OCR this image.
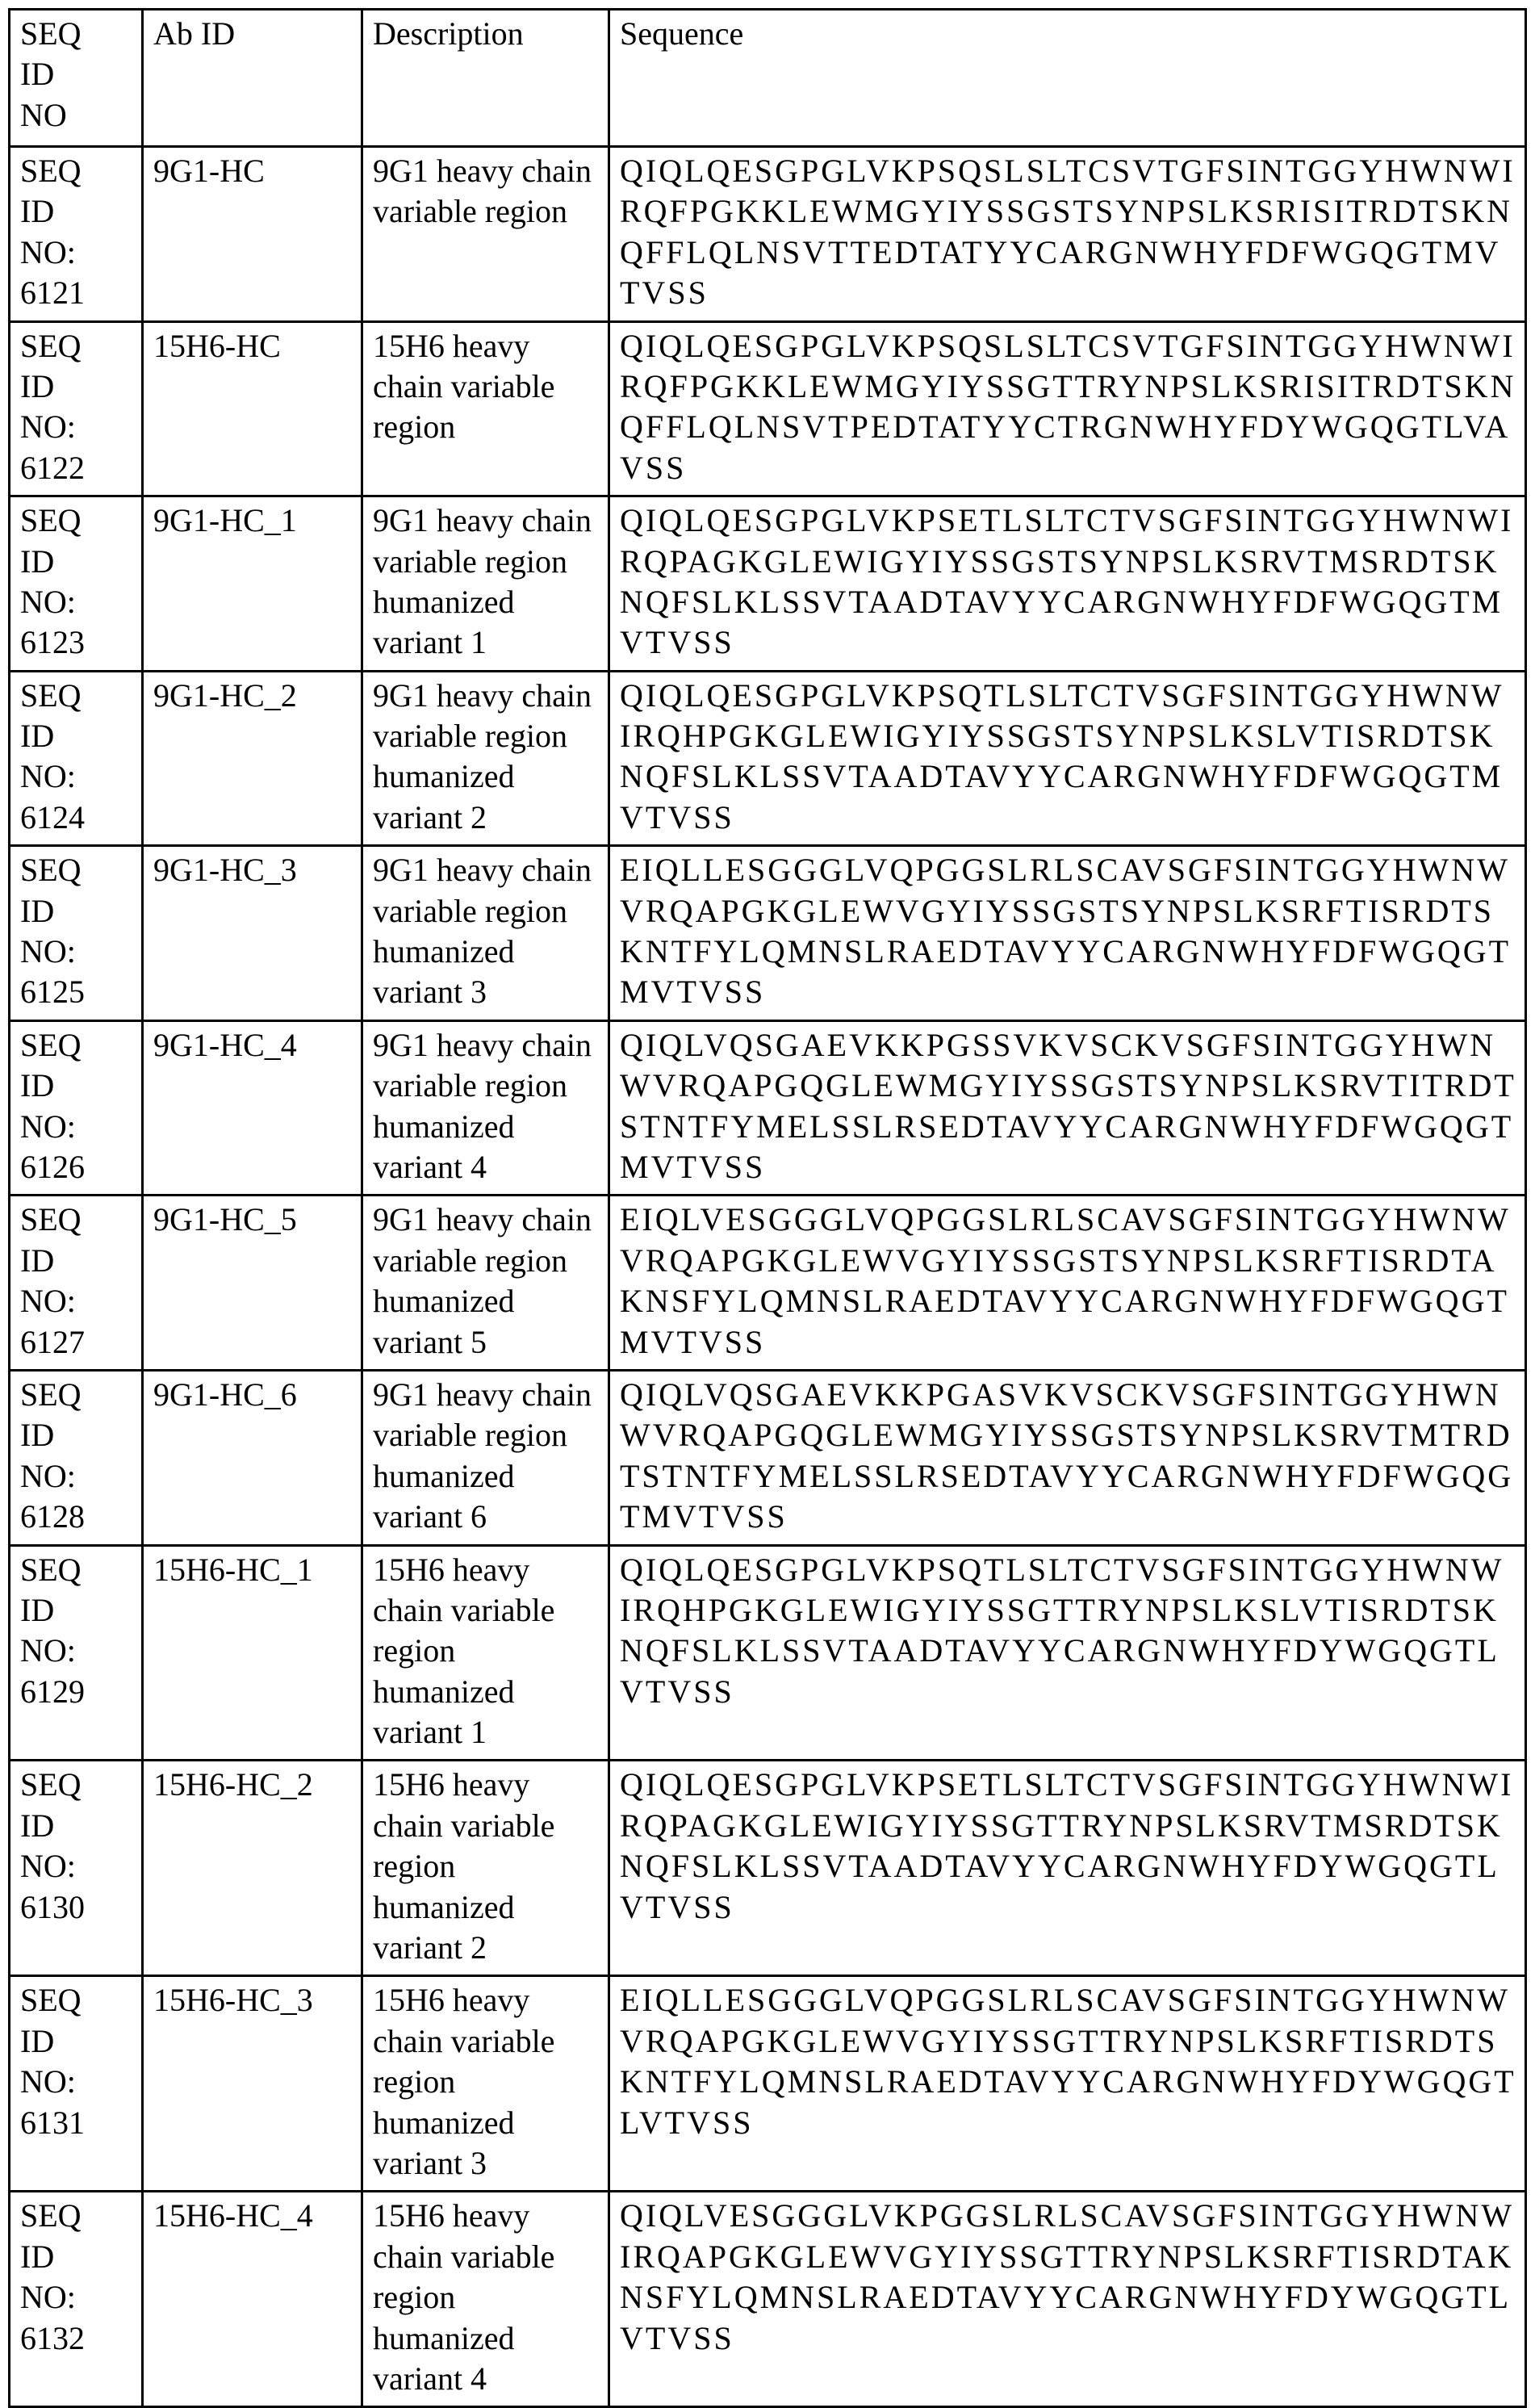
SEQ
ID
NO	Ab ID	Description	Sequence
SEQ
ID
NO:
6121	9G1-HC	9G1 heavy chain variable region	QIQLQESGPGLVKPSQSLSLTCSVTGFSINTGGYHWNWIRQFPGKKLEWMGYIYSSGSTSYNPSLKSRISITRDTSKNQFFLQLNSVTTEDTATYYCARGNWHYFDFWGQGTMVTVSS
SEQ
ID
NO:
6122	15H6-HC	15H6 heavy chain variable region	QIQLQESGPGLVKPSQSLSLTCSVTGFSINTGGYHWNWIRQFPGKKLEWMGYIYSSGTTRYNPSLKSRISITRDTSKNQFFLQLNSVTPEDTATYYCTRGNWHYFDYWGQGTLVAVSS
SEQ
ID
NO:
6123	9G1-HC_1	9G1 heavy chain variable region humanized variant 1	QIQLQESGPGLVKPSETLSLTCTVSGFSINTGGYHWNWIRQPAGKGLEWIGYIYSSGSTSYNPSLKSRVTMSRDTSKNQFSLKLSSVTAADTAVYYCARGNWHYFDFWGQGTMVTVSS
SEQ
ID
NO:
6124	9G1-HC_2	9G1 heavy chain variable region humanized variant 2	QIQLQESGPGLVKPSQTLSLTCTVSGFSINTGGYHWNWIRQHPGKGLEWIGYIYSSGSTSYNPSLKSLVTISRDTSKNQFSLKLSSVTAADTAVYYCARGNWHYFDFWGQGTMVTVSS
SEQ
ID
NO:
6125	9G1-HC_3	9G1 heavy chain variable region humanized variant 3	EIQLLESGGGLVQPGGSLRLSCAVSGFSINTGGYHWNWVRQAPGKGLEWVGYIYSSGSTSYNPSLKSRFTISRDTSKNTFYLQMNSLRAEDTAVYYCARGNWHYFDFWGQGTMVTVSS
SEQ
ID
NO:
6126	9G1-HC_4	9G1 heavy chain variable region humanized variant 4	QIQLVQSGAEVKKPGSSVKVSCKVSGFSINTGGYHWNWVRQAPGQGLEWMGYIYSSGSTSYNPSLKSRVTITRDTSTNTFYMELSSLRSEDTAVYYCARGNWHYFDFWGQGTMVTVSS
SEQ
ID
NO:
6127	9G1-HC_5	9G1 heavy chain variable region humanized variant 5	EIQLVESGGGLVQPGGSLRLSCAVSGFSINTGGYHWNWVRQAPGKGLEWVGYIYSSGSTSYNPSLKSRFTISRDTAKNSFYLQMNSLRAEDTAVYYCARGNWHYFDFWGQGTMVTVSS
SEQ
ID
NO:
6128	9G1-HC_6	9G1 heavy chain variable region humanized variant 6	QIQLVQSGAEVKKPGASVKVSCKVSGFSINTGGYHWNWVRQAPGQGLEWMGYIYSSGSTSYNPSLKSRVTMTRDTSTNTFYMELSSLRSEDTAVYYCARGNWHYFDFWGQGTMVTVSS
SEQ
ID
NO:
6129	15H6-HC_1	15H6 heavy chain variable region humanized variant 1	QIQLQESGPGLVKPSQTLSLTCTVSGFSINTGGYHWNWIRQHPGKGLEWIGYIYSSGTTRYNPSLKSLVTISRDTSKNQFSLKLSSVTAADTAVYYCARGNWHYFDYWGQGTLVTVSS
SEQ
ID
NO:
6130	15H6-HC_2	15H6 heavy chain variable region humanized variant 2	QIQLQESGPGLVKPSETLSLTCTVSGFSINTGGYHWNWIRQPAGKGLEWIGYIYSSGTTRYNPSLKSRVTMSRDTSKNQFSLKLSSVTAADTAVYYCARGNWHYFDYWGQGTLVTVSS
SEQ
ID
NO:
6131	15H6-HC_3	15H6 heavy chain variable region humanized variant 3	EIQLLESGGGLVQPGGSLRLSCAVSGFSINTGGYHWNWVRQAPGKGLEWVGYIYSSGTTRYNPSLKSRFTISRDTSKNTFYLQMNSLRAEDTAVYYCARGNWHYFDYWGQGTLVTVSS
SEQ
ID
NO:
6132	15H6-HC_4	15H6 heavy chain variable region humanized variant 4	QIQLVESGGGLVKPGGSLRLSCAVSGFSINTGGYHWNWIRQAPGKGLEWVGYIYSSGTTRYNPSLKSRFTISRDTAKNSFYLQMNSLRAEDTAVYYCARGNWHYFDYWGQGTLVTVSS
